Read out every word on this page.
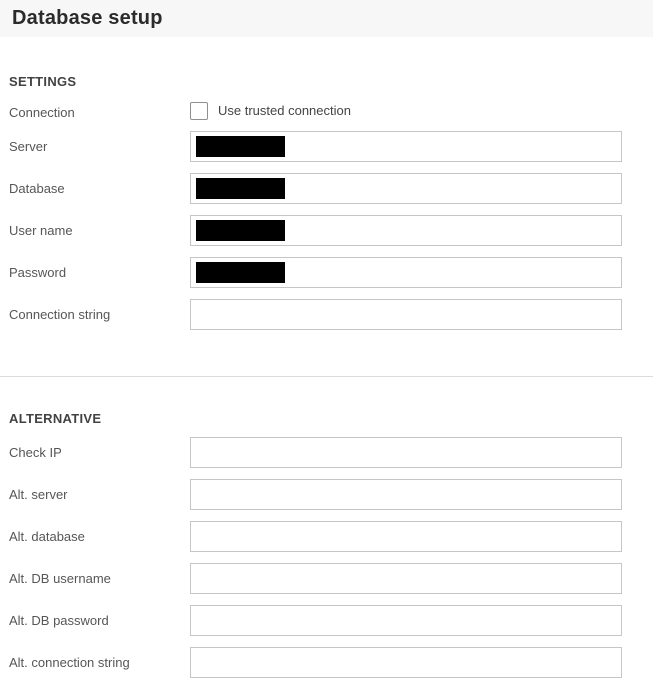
Database setup
SETTINGS
Connection	Use trusted connection
Server
Database
User name
Password
Connection string
ALTERNATIVE
Check IP
Alt. server
Alt. database
Alt. DB username
Alt. DB password
Alt. connection string
